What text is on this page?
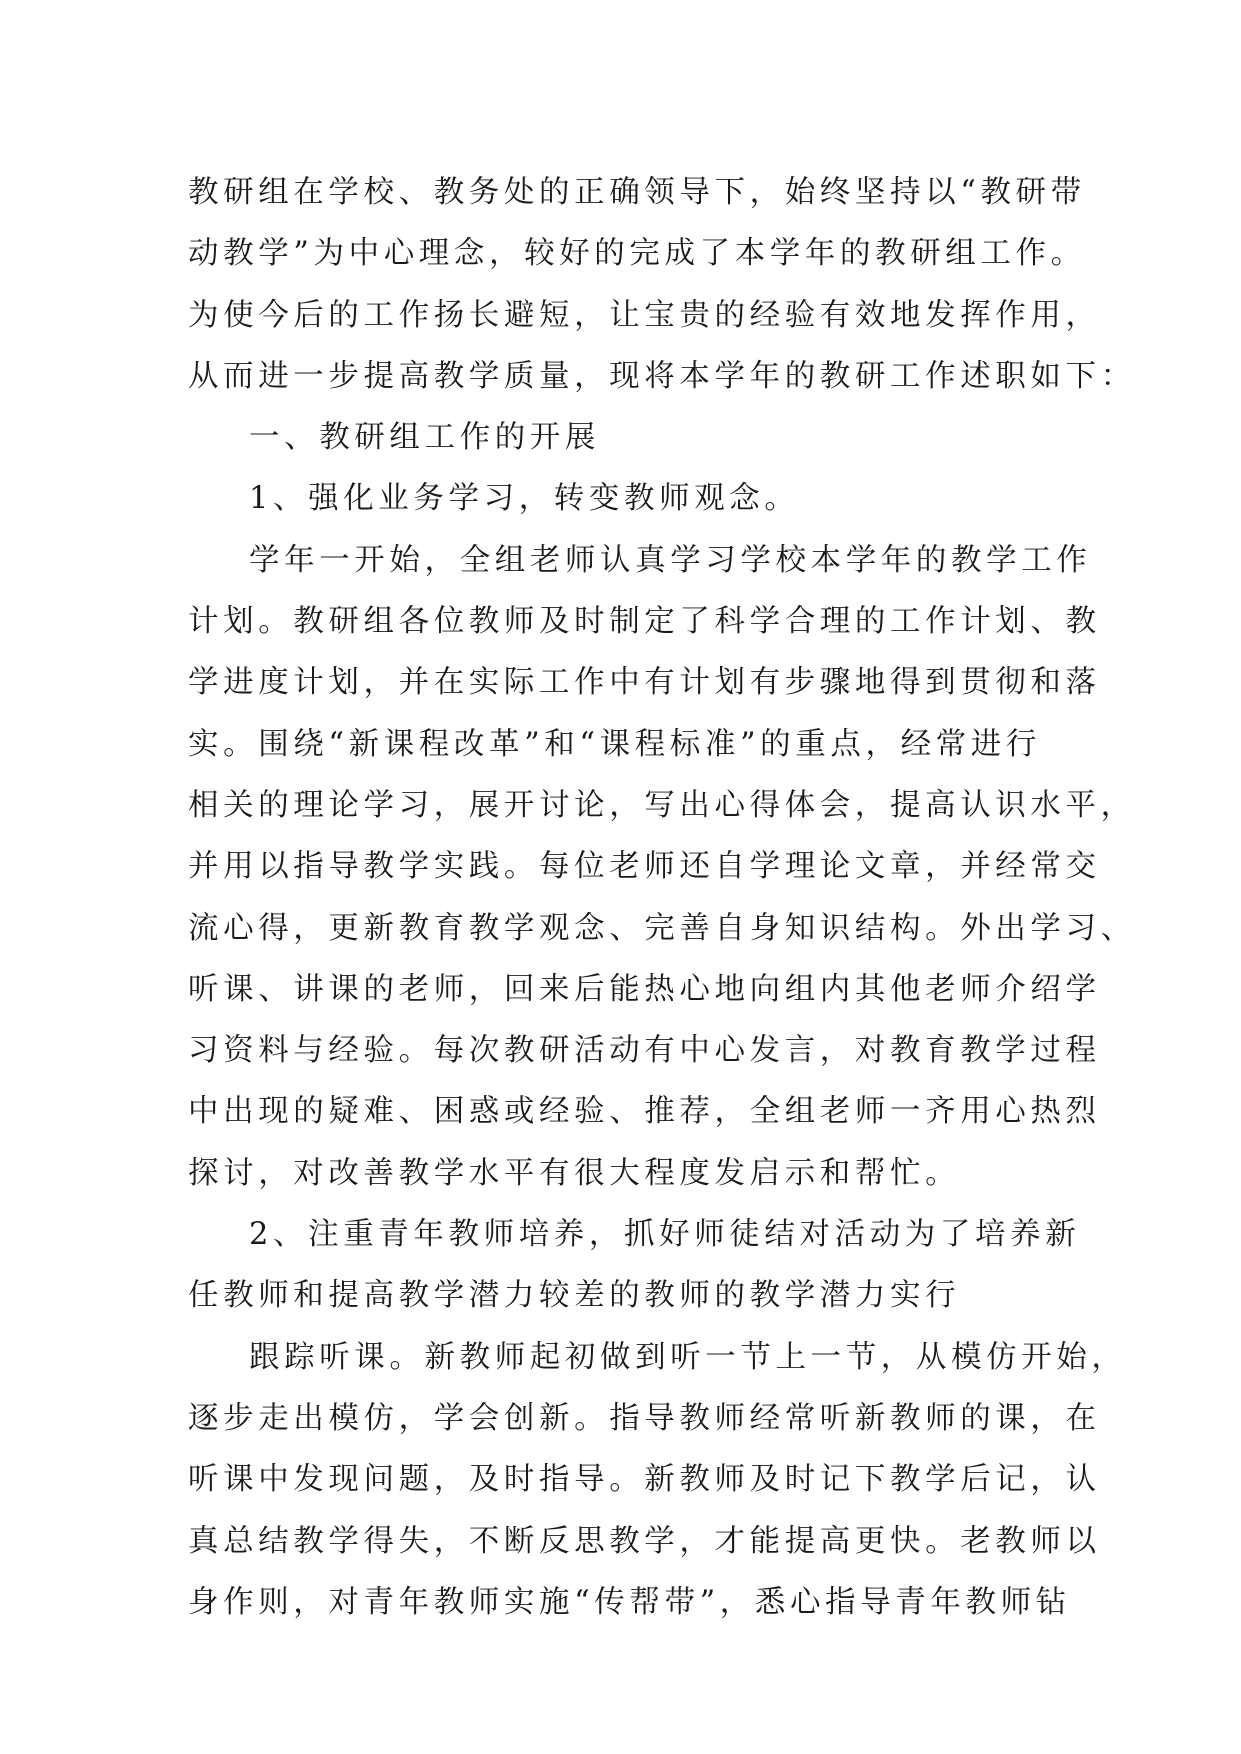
教研组在学校、教务处的正确领导下，始终坚持以“教研带
动教学”为中心理念，较好的完成了本学年的教研组工作。
为使今后的工作扬长避短，让宝贵的经验有效地发挥作用，
从而进一步提高教学质量，现将本学年的教研工作述职如下：
一、教研组工作的开展
1、强化业务学习，转变教师观念。
学年一开始，全组老师认真学习学校本学年的教学工作
计划。教研组各位教师及时制定了科学合理的工作计划、教
学进度计划，并在实际工作中有计划有步骤地得到贯彻和落
实。围绕“新课程改革”和“课程标准”的重点，经常进行
相关的理论学习，展开讨论，写出心得体会，提高认识水平，
并用以指导教学实践。每位老师还自学理论文章，并经常交
流心得，更新教育教学观念、完善自身知识结构。外出学习、
听课、讲课的老师，回来后能热心地向组内其他老师介绍学
习资料与经验。每次教研活动有中心发言，对教育教学过程
中出现的疑难、困惑或经验、推荐，全组老师一齐用心热烈
探讨，对改善教学水平有很大程度发启示和帮忙。
2、注重青年教师培养，抓好师徒结对活动为了培养新
任教师和提高教学潜力较差的教师的教学潜力实行
跟踪听课。新教师起初做到听一节上一节，从模仿开始，
逐步走出模仿，学会创新。指导教师经常听新教师的课，在
听课中发现问题，及时指导。新教师及时记下教学后记，认
真总结教学得失，不断反思教学，才能提高更快。老教师以
身作则，对青年教师实施“传帮带”，悉心指导青年教师钻
